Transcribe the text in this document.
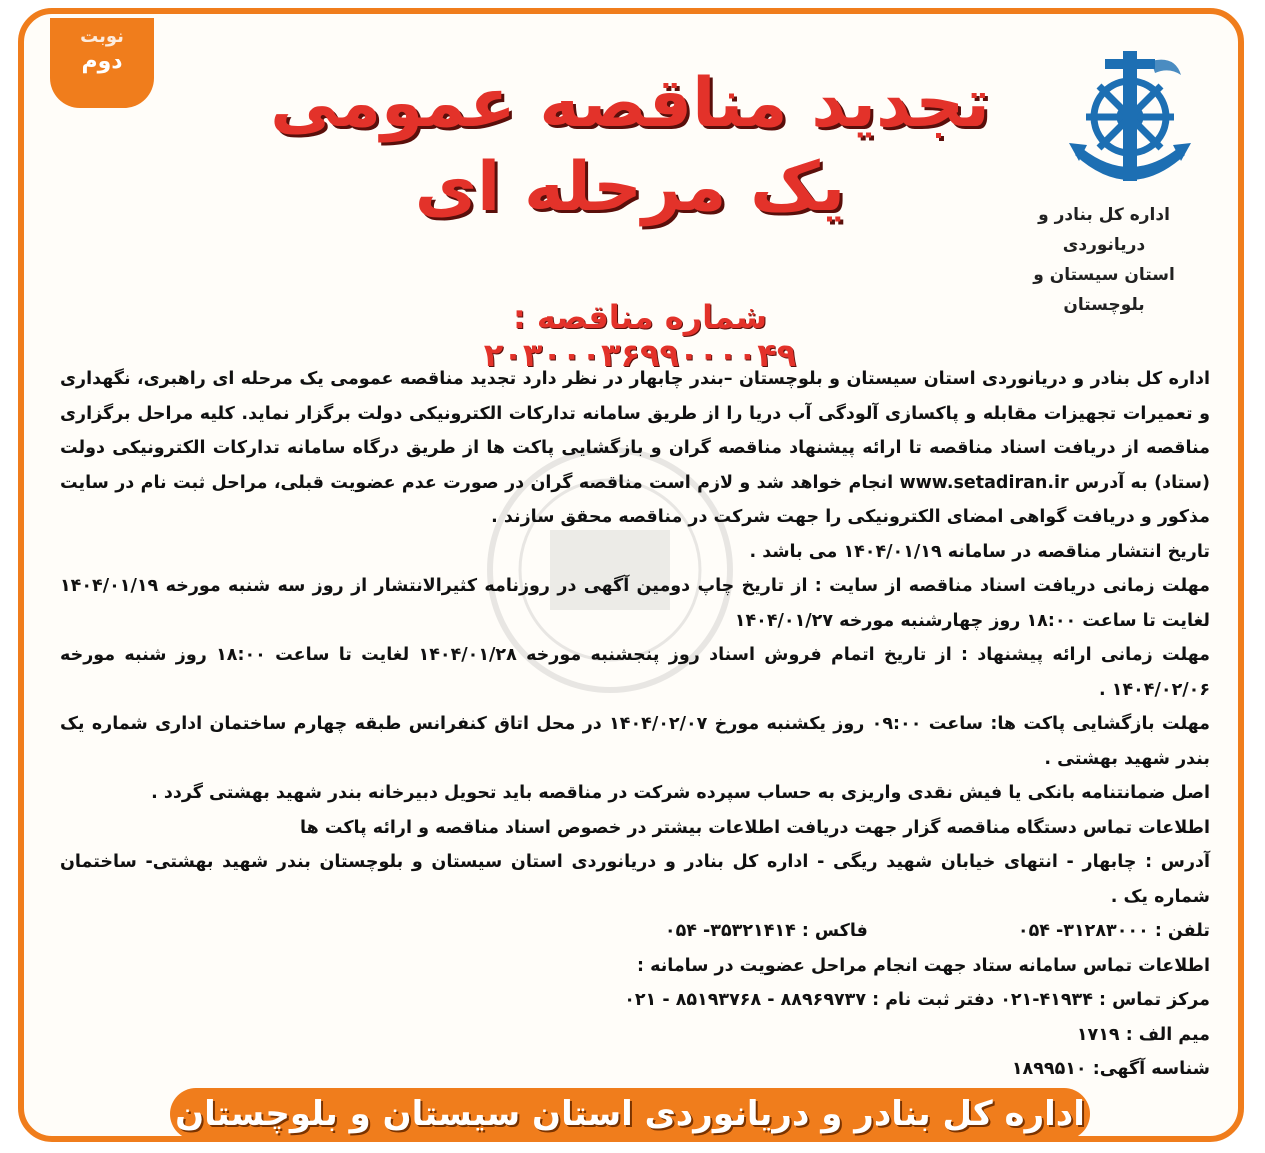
نوبت
دوم
اداره کل بنادر و دریانوردی
استان سیستان و بلوچستان
تجدید مناقصه عمومی
یک مرحله ای
شماره مناقصه : ۲۰۳۰۰۰۳۶۹۹۰۰۰۰۴۹

اداره کل بنادر و دریانوردی استان سیستان و بلوچستان –بندر چابهار در نظر دارد تجدید مناقصه عمومی یک مرحله ای راهبری، نگهداری و تعمیرات تجهیزات مقابله و پاکسازی آلودگی آب دریا را از طریق سامانه تدارکات الکترونیکی دولت برگزار نماید. کلیه مراحل برگزاری مناقصه از دریافت اسناد مناقصه تا ارائه پیشنهاد مناقصه گران و بازگشایی پاکت ها از طریق درگاه سامانه تدارکات الکترونیکی دولت (ستاد) به آدرس www.setadiran.ir انجام خواهد شد و لازم است مناقصه گران در صورت عدم عضویت قبلی، مراحل ثبت نام در سایت مذکور و دریافت گواهی امضای الکترونیکی را جهت شرکت در مناقصه محقق سازند .

تاریخ انتشار مناقصه در سامانه ۱۴۰۴/۰۱/۱۹ می باشد .

مهلت زمانی دریافت اسناد مناقصه از سایت : از تاریخ چاپ دومین آگهی در روزنامه کثیرالانتشار از روز سه شنبه مورخه ۱۴۰۴/۰۱/۱۹ لغایت تا ساعت ۱۸:۰۰ روز چهارشنبه مورخه ۱۴۰۴/۰۱/۲۷

مهلت زمانی ارائه پیشنهاد : از تاریخ اتمام فروش اسناد روز پنجشنبه مورخه ۱۴۰۴/۰۱/۲۸ لغایت تا ساعت ۱۸:۰۰ روز شنبه مورخه ۱۴۰۴/۰۲/۰۶ .

مهلت بازگشایی پاکت ها: ساعت ۰۹:۰۰ روز یکشنبه مورخ ۱۴۰۴/۰۲/۰۷ در محل اتاق کنفرانس طبقه چهارم ساختمان اداری شماره یک بندر شهید بهشتی .

اصل ضمانتنامه بانکی یا فیش نقدی واریزی به حساب سپرده شرکت در مناقصه باید تحویل دبیرخانه بندر شهید بهشتی گردد .

اطلاعات تماس دستگاه مناقصه گزار جهت دریافت اطلاعات بیشتر در خصوص اسناد مناقصه و ارائه پاکت ها

آدرس : چابهار - انتهای خیابان شهید ریگی - اداره کل بنادر و دریانوردی استان سیستان و بلوچستان بندر شهید بهشتی- ساختمان شماره یک .

تلفن : ۳۱۲۸۳۰۰۰- ۰۵۴
فاکس : ۳۵۳۲۱۴۱۴- ۰۵۴

اطلاعات تماس سامانه ستاد جهت انجام مراحل عضویت در سامانه :

مرکز تماس : ۴۱۹۳۴-۰۲۱ دفتر ثبت نام : ۸۸۹۶۹۷۳۷ - ۸۵۱۹۳۷۶۸ - ۰۲۱

میم الف : ۱۷۱۹

شناسه آگهی: ۱۸۹۹۵۱۰

اداره کل بنادر و دریانوردی استان سیستان و بلوچستان
